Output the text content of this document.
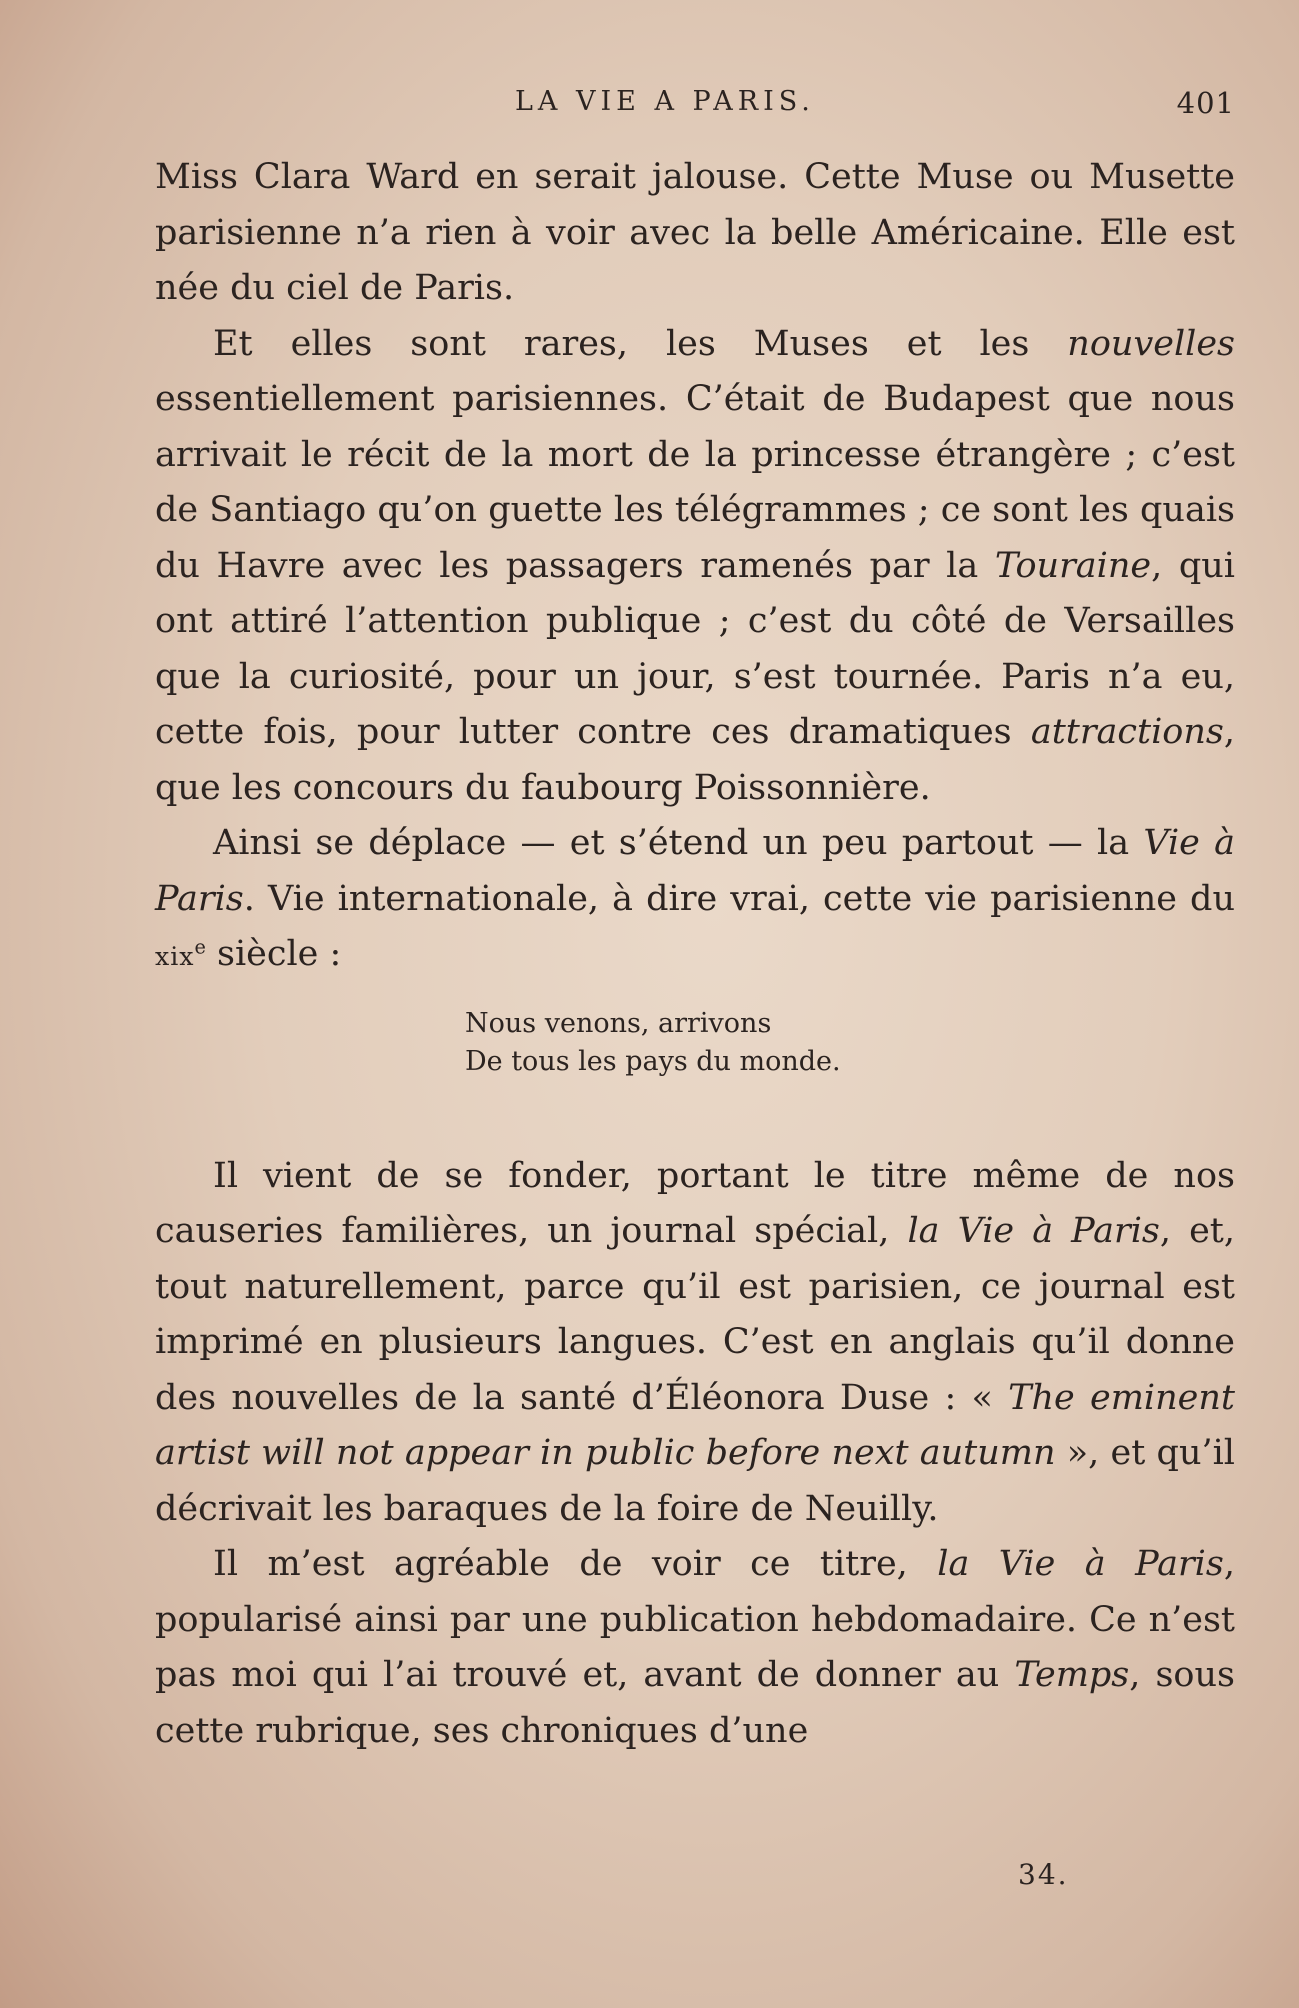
LA VIE A PARIS.	401

Miss Clara Ward en serait jalouse. Cette Muse ou Musette parisienne n’a rien à voir avec la belle Américaine. Elle est née du ciel de Paris.

Et elles sont rares, les Muses et les nouvelles essentiellement parisiennes. C’était de Budapest que nous arrivait le récit de la mort de la princesse étrangère ; c’est de Santiago qu’on guette les télégrammes ; ce sont les quais du Havre avec les passagers ramenés par la Touraine, qui ont attiré l’attention publique ; c’est du côté de Versailles que la curiosité, pour un jour, s’est tournée. Paris n’a eu, cette fois, pour lutter contre ces dramatiques attractions, que les concours du faubourg Poissonnière.

Ainsi se déplace — et s’étend un peu partout — la Vie à Paris. Vie internationale, à dire vrai, cette vie parisienne du xix$^e$ siècle :

Nous venons, arrivons
De tous les pays du monde.

Il vient de se fonder, portant le titre même de nos causeries familières, un journal spécial, la Vie à Paris, et, tout naturellement, parce qu’il est parisien, ce journal est imprimé en plusieurs langues. C’est en anglais qu’il donne des nouvelles de la santé d’Éléonora Duse : « The eminent artist will not appear in public before next autumn », et qu’il décrivait les baraques de la foire de Neuilly.

Il m’est agréable de voir ce titre, la Vie à Paris, popularisé ainsi par une publication hebdomadaire. Ce n’est pas moi qui l’ai trouvé et, avant de donner au Temps, sous cette rubrique, ses chroniques d’une

34.
